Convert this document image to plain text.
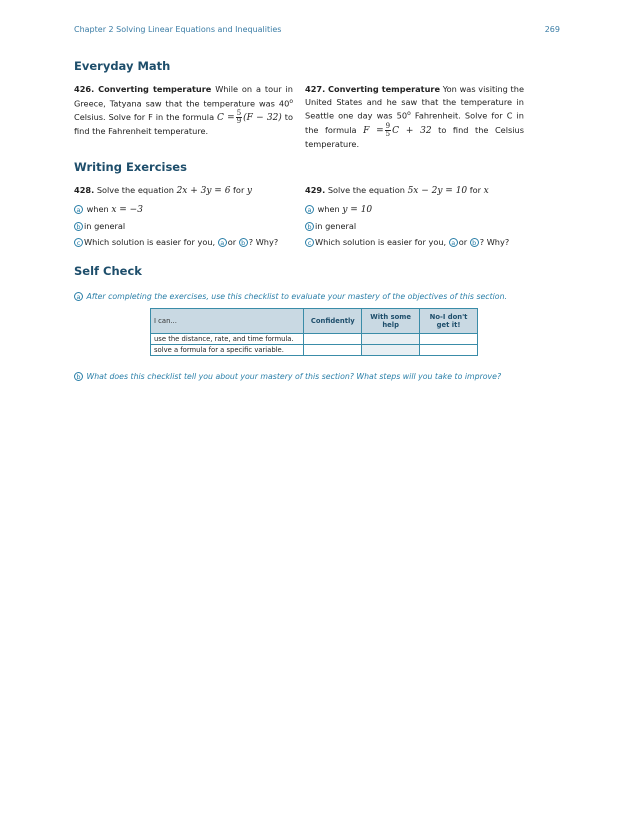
Chapter 2 Solving Linear Equations and Inequalities	269
Everyday Math
426. Converting temperature While on a tour in Greece, Tatyana saw that the temperature was 40$^o$ Celsius. Solve for F in the formula $C = \frac{5}{9} (F - 32)$ to find the Fahrenheit temperature.
427. Converting temperature Yon was visiting the United States and he saw that the temperature in Seattle one day was 50$^o$ Fahrenheit. Solve for C in the formula $F = \frac{9}{5}$ C + 32 to find the Celsius temperature.
Writing Exercises
428. Solve the equation 2x + 3y = 6 for y
a when x = −3
b in general
c Which solution is easier for you, a or b ? Why?
429. Solve the equation 5x − 2y = 10 for x
a when y = 10
b in general
c Which solution is easier for you, a or b ? Why?
Self Check
a After completing the exercises, use this checklist to evaluate your mastery of the objectives of this section.
I can...	Confidently	With some help	No-I don't get it!
use the distance, rate, and time formula.			
solve a formula for a specific variable.			
b What does this checklist tell you about your mastery of this section? What steps will you take to improve?
